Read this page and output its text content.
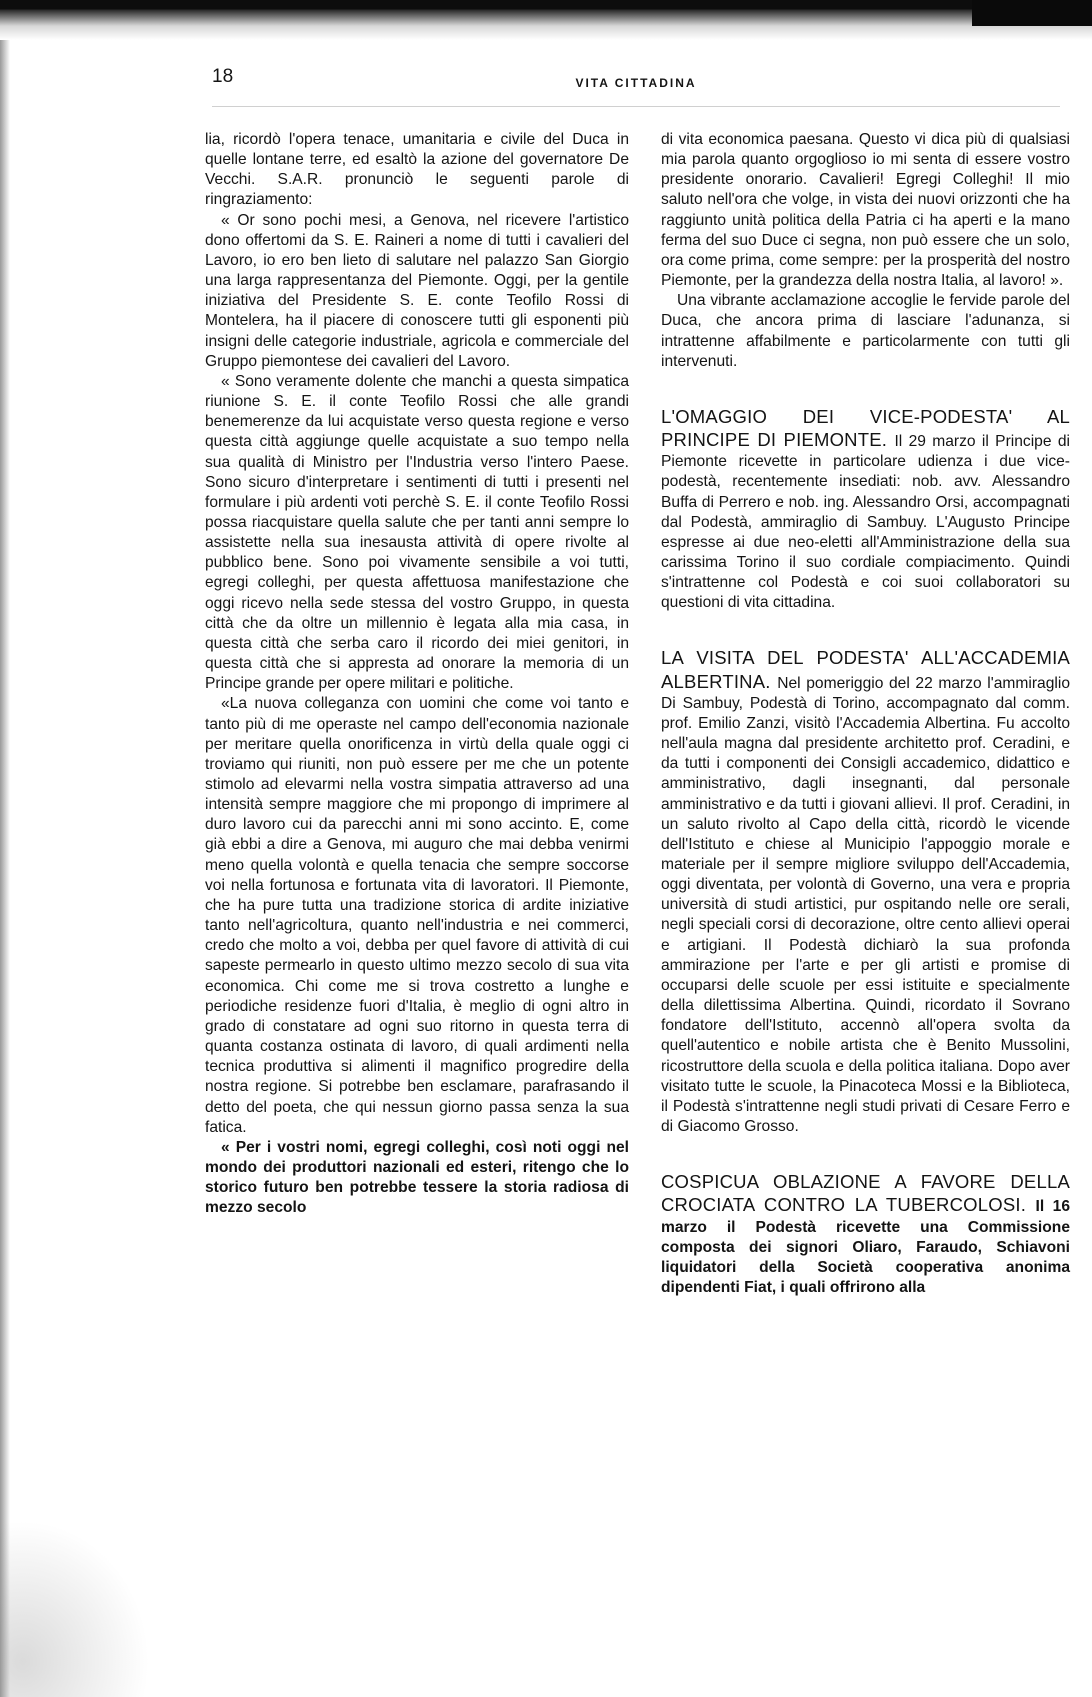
18	VITA CITTADINA

lia, ricordò l'opera tenace, umanitaria e civile del Duca in quelle lontane terre, ed esaltò la azione del governatore De Vecchi. S.A.R. pronunciò le seguenti parole di ringraziamento:

« Or sono pochi mesi, a Genova, nel ricevere l'artistico dono offertomi da S. E. Raineri a nome di tutti i cavalieri del Lavoro, io ero ben lieto di salutare nel palazzo San Giorgio una larga rappresentanza del Piemonte. Oggi, per la gentile iniziativa del Presidente S. E. conte Teofilo Rossi di Montelera, ha il piacere di conoscere tutti gli esponenti più insigni delle categorie industriale, agricola e commerciale del Gruppo piemontese dei cavalieri del Lavoro.

« Sono veramente dolente che manchi a questa simpatica riunione S. E. il conte Teofilo Rossi che alle grandi benemerenze da lui acquistate verso questa regione e verso questa città aggiunge quelle acquistate a suo tempo nella sua qualità di Ministro per l'Industria verso l'intero Paese. Sono sicuro d'interpretare i sentimenti di tutti i presenti nel formulare i più ardenti voti perchè S. E. il conte Teofilo Rossi possa riacquistare quella salute che per tanti anni sempre lo assistette nella sua inesausta attività di opere rivolte al pubblico bene. Sono poi vivamente sensibile a voi tutti, egregi colleghi, per questa affettuosa manifestazione che oggi ricevo nella sede stessa del vostro Gruppo, in questa città che da oltre un millennio è legata alla mia casa, in questa città che serba caro il ricordo dei miei genitori, in questa città che si appresta ad onorare la memoria di un Principe grande per opere militari e politiche.

«La nuova colleganza con uomini che come voi tanto e tanto più di me operaste nel campo dell'economia nazionale per meritare quella onorificenza in virtù della quale oggi ci troviamo qui riuniti, non può essere per me che un potente stimolo ad elevarmi nella vostra simpatia attraverso ad una intensità sempre maggiore che mi propongo di imprimere al duro lavoro cui da parecchi anni mi sono accinto. E, come già ebbi a dire a Genova, mi auguro che mai debba venirmi meno quella volontà e quella tenacia che sempre soccorse voi nella fortunosa e fortunata vita di lavoratori. Il Piemonte, che ha pure tutta una tradizione storica di ardite iniziative tanto nell'agricoltura, quanto nell'industria e nei commerci, credo che molto a voi, debba per quel favore di attività di cui sapeste permearlo in questo ultimo mezzo secolo di sua vita economica. Chi come me si trova costretto a lunghe e periodiche residenze fuori d'Italia, è meglio di ogni altro in grado di constatare ad ogni suo ritorno in questa terra di quanta costanza ostinata di lavoro, di quali ardimenti nella tecnica produttiva si alimenti il magnifico progredire della nostra regione. Si potrebbe ben esclamare, parafrasando il detto del poeta, che qui nessun giorno passa senza la sua fatica.

« Per i vostri nomi, egregi colleghi, così noti oggi nel mondo dei produttori nazionali ed esteri, ritengo che lo storico futuro ben potrebbe tessere la storia radiosa di mezzo secolo

di vita economica paesana. Questo vi dica più di qualsiasi mia parola quanto orgoglioso io mi senta di essere vostro presidente onorario. Cavalieri! Egregi Colleghi! Il mio saluto nell'ora che volge, in vista dei nuovi orizzonti che ha raggiunto unità politica della Patria ci ha aperti e la mano ferma del suo Duce ci segna, non può essere che un solo, ora come prima, come sempre: per la prosperità del nostro Piemonte, per la grandezza della nostra Italia, al lavoro! ».

Una vibrante acclamazione accoglie le fervide parole del Duca, che ancora prima di lasciare l'adunanza, si intrattenne affabilmente e particolarmente con tutti gli intervenuti.

L'OMAGGIO DEI VICE-PODESTA' AL PRINCIPE DI PIEMONTE. Il 29 marzo il Principe di Piemonte ricevette in particolare udienza i due vice-podestà, recentemente insediati: nob. avv. Alessandro Buffa di Perrero e nob. ing. Alessandro Orsi, accompagnati dal Podestà, ammiraglio di Sambuy. L'Augusto Principe espresse ai due neo-eletti all'Amministrazione della sua carissima Torino il suo cordiale compiacimento. Quindi s'intrattenne col Podestà e coi suoi collaboratori su questioni di vita cittadina.

LA VISITA DEL PODESTA' ALL'ACCADEMIA ALBERTINA. Nel pomeriggio del 22 marzo l'ammiraglio Di Sambuy, Podestà di Torino, accompagnato dal comm. prof. Emilio Zanzi, visitò l'Accademia Albertina. Fu accolto nell'aula magna dal presidente architetto prof. Ceradini, e da tutti i componenti dei Consigli accademico, didattico e amministrativo, dagli insegnanti, dal personale amministrativo e da tutti i giovani allievi. Il prof. Ceradini, in un saluto rivolto al Capo della città, ricordò le vicende dell'Istituto e chiese al Municipio l'appoggio morale e materiale per il sempre migliore sviluppo dell'Accademia, oggi diventata, per volontà di Governo, una vera e propria università di studi artistici, pur ospitando nelle ore serali, negli speciali corsi di decorazione, oltre cento allievi operai e artigiani. Il Podestà dichiarò la sua profonda ammirazione per l'arte e per gli artisti e promise di occuparsi delle scuole per essi istituite e specialmente della dilettissima Albertina. Quindi, ricordato il Sovrano fondatore dell'Istituto, accennò all'opera svolta da quell'autentico e nobile artista che è Benito Mussolini, ricostruttore della scuola e della politica italiana. Dopo aver visitato tutte le scuole, la Pinacoteca Mossi e la Biblioteca, il Podestà s'intrattenne negli studi privati di Cesare Ferro e di Giacomo Grosso.

COSPICUA OBLAZIONE A FAVORE DELLA CROCIATA CONTRO LA TUBERCOLOSI. Il 16 marzo il Podestà ricevette una Commissione composta dei signori Oliaro, Faraudo, Schiavoni liquidatori della Società cooperativa anonima dipendenti Fiat, i quali offrirono alla
